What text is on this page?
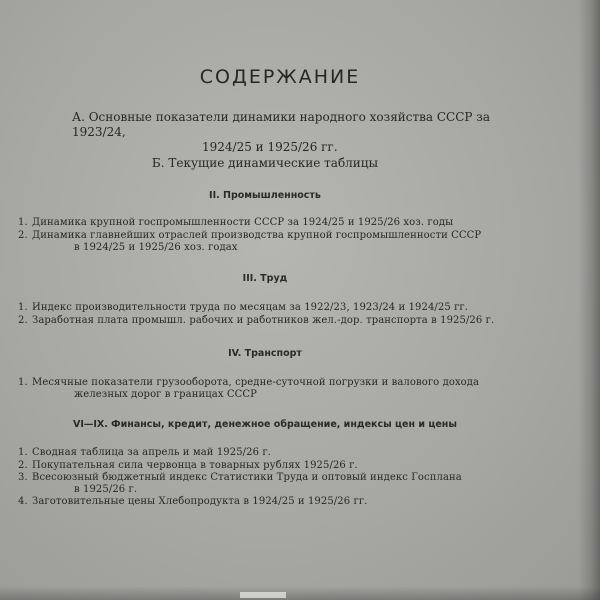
СОДЕРЖАНИЕ
А. Основные показатели динамики народного хозяйства СССР за 1923/24,
1924/25 и 1925/26 гг.
Б. Текущие динамические таблицы
II. Промышленность
1. Динамика крупной госпромышленности СССР за 1924/25 и 1925/26 хоз. годы
2. Динамика главнейших отраслей производства крупной госпромышленности СССР
в 1924/25 и 1925/26 хоз. годах
III. Труд
1. Индекс производительности труда по месяцам за 1922/23, 1923/24 и 1924/25 гг.
2. Заработная плата промышл. рабочих и работников жел.-дор. транспорта в 1925/26 г.
IV. Транспорт
1. Месячные показатели грузооборота, средне-суточной погрузки и валового дохода
железных дорог в границах СССР
VI—IX. Финансы, кредит, денежное обращение, индексы цен и цены
1. Сводная таблица за апрель и май 1925/26 г.
2. Покупательная сила червонца в товарных рублях 1925/26 г.
3. Всесоюзный бюджетный индекс Статистики Труда и оптовый индекс Госплана
в 1925/26 г.
4. Заготовительные цены Хлебопродукта в 1924/25 и 1925/26 гг.
